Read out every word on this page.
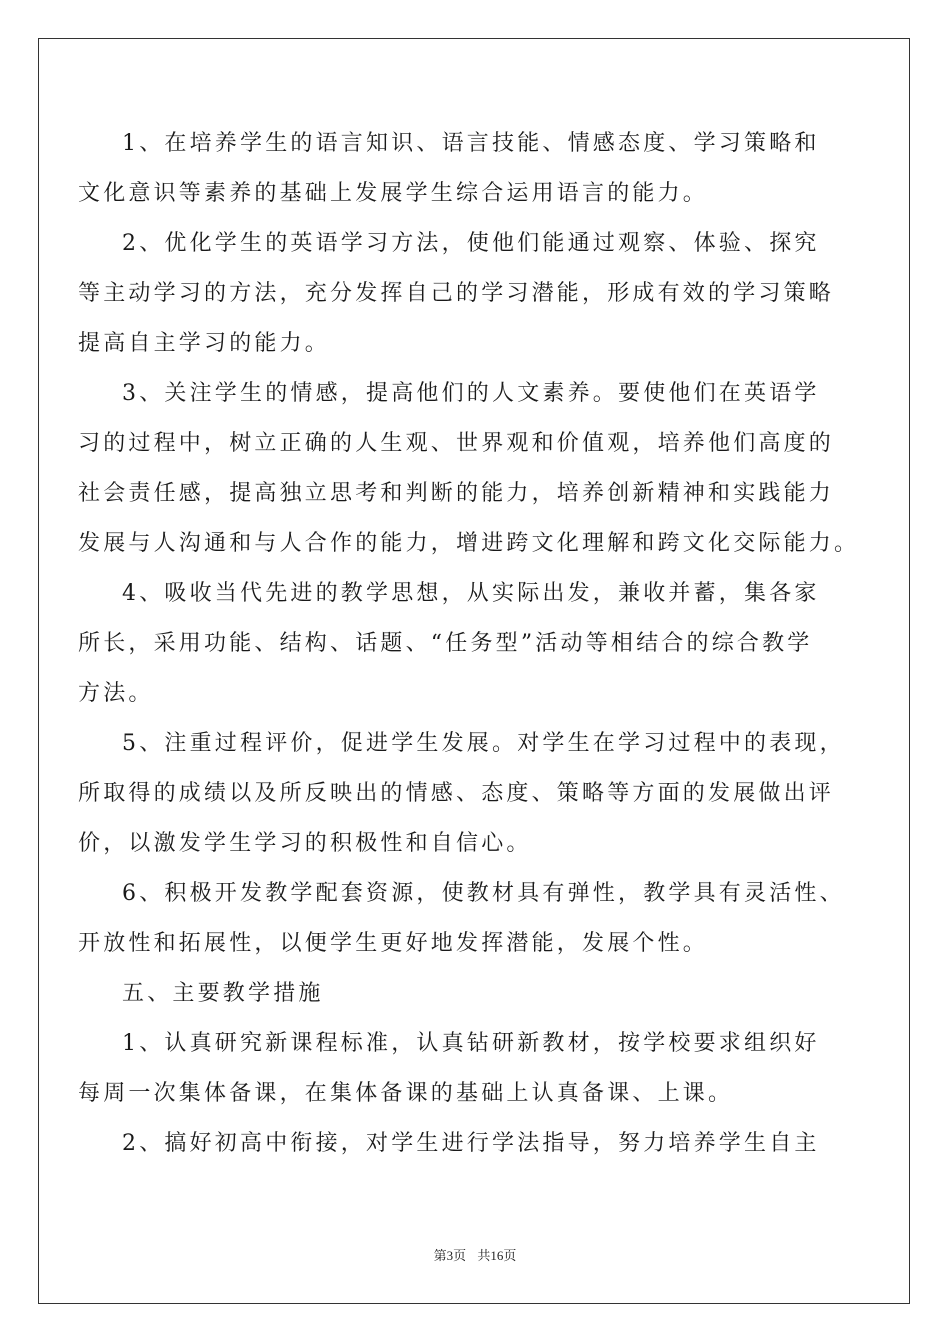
1、在培养学生的语言知识、语言技能、情感态度、学习策略和
文化意识等素养的基础上发展学生综合运用语言的能力。
2、优化学生的英语学习方法，使他们能通过观察、体验、探究
等主动学习的方法，充分发挥自己的学习潜能，形成有效的学习策略
提高自主学习的能力。
3、关注学生的情感，提高他们的人文素养。要使他们在英语学
习的过程中，树立正确的人生观、世界观和价值观，培养他们高度的
社会责任感，提高独立思考和判断的能力，培养创新精神和实践能力
发展与人沟通和与人合作的能力，增进跨文化理解和跨文化交际能力。
4、吸收当代先进的教学思想，从实际出发，兼收并蓄，集各家
所长，采用功能、结构、话题、“任务型”活动等相结合的综合教学
方法。
5、注重过程评价，促进学生发展。对学生在学习过程中的表现，
所取得的成绩以及所反映出的情感、态度、策略等方面的发展做出评
价，以激发学生学习的积极性和自信心。
6、积极开发教学配套资源，使教材具有弹性，教学具有灵活性、
开放性和拓展性，以便学生更好地发挥潜能，发展个性。
五、主要教学措施
1、认真研究新课程标准，认真钻研新教材，按学校要求组织好
每周一次集体备课，在集体备课的基础上认真备课、上课。
2、搞好初高中衔接，对学生进行学法指导，努力培养学生自主
第3页 共16页
